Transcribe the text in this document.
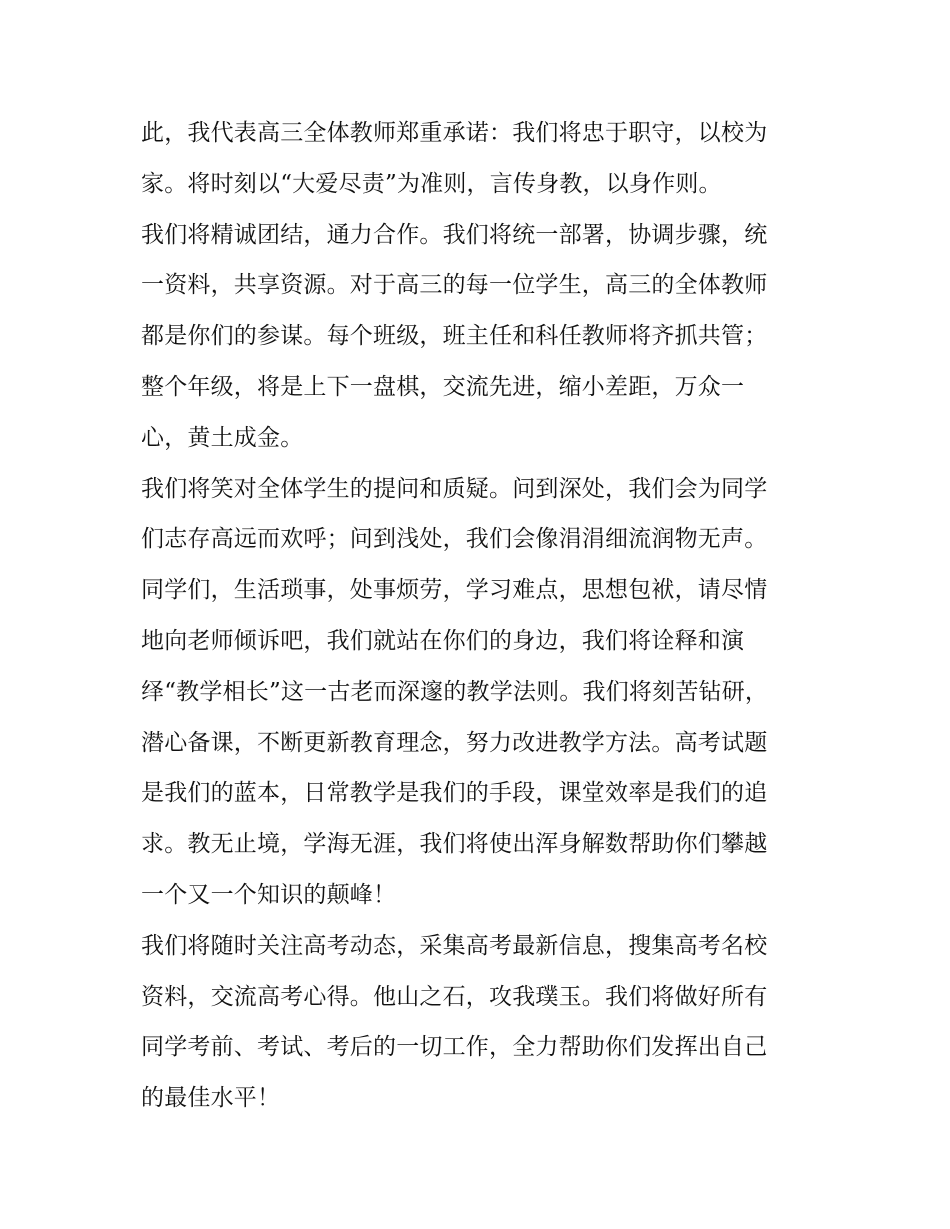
此，我代表高三全体教师郑重承诺：我们将忠于职守，以校为
家。将时刻以“大爱尽责”为准则，言传身教，以身作则。
我们将精诚团结，通力合作。我们将统一部署，协调步骤，统
一资料，共享资源。对于高三的每一位学生，高三的全体教师
都是你们的参谋。每个班级，班主任和科任教师将齐抓共管；
整个年级，将是上下一盘棋，交流先进，缩小差距，万众一
心，黄土成金。
我们将笑对全体学生的提问和质疑。问到深处，我们会为同学
们志存高远而欢呼；问到浅处，我们会像涓涓细流润物无声。
同学们，生活琐事，处事烦劳，学习难点，思想包袱，请尽情
地向老师倾诉吧，我们就站在你们的身边，我们将诠释和演
绎“教学相长”这一古老而深邃的教学法则。我们将刻苦钻研，
潜心备课，不断更新教育理念，努力改进教学方法。高考试题
是我们的蓝本，日常教学是我们的手段，课堂效率是我们的追
求。教无止境，学海无涯，我们将使出浑身解数帮助你们攀越
一个又一个知识的颠峰！
我们将随时关注高考动态，采集高考最新信息，搜集高考名校
资料，交流高考心得。他山之石，攻我璞玉。我们将做好所有
同学考前、考试、考后的一切工作，全力帮助你们发挥出自己
的最佳水平！
